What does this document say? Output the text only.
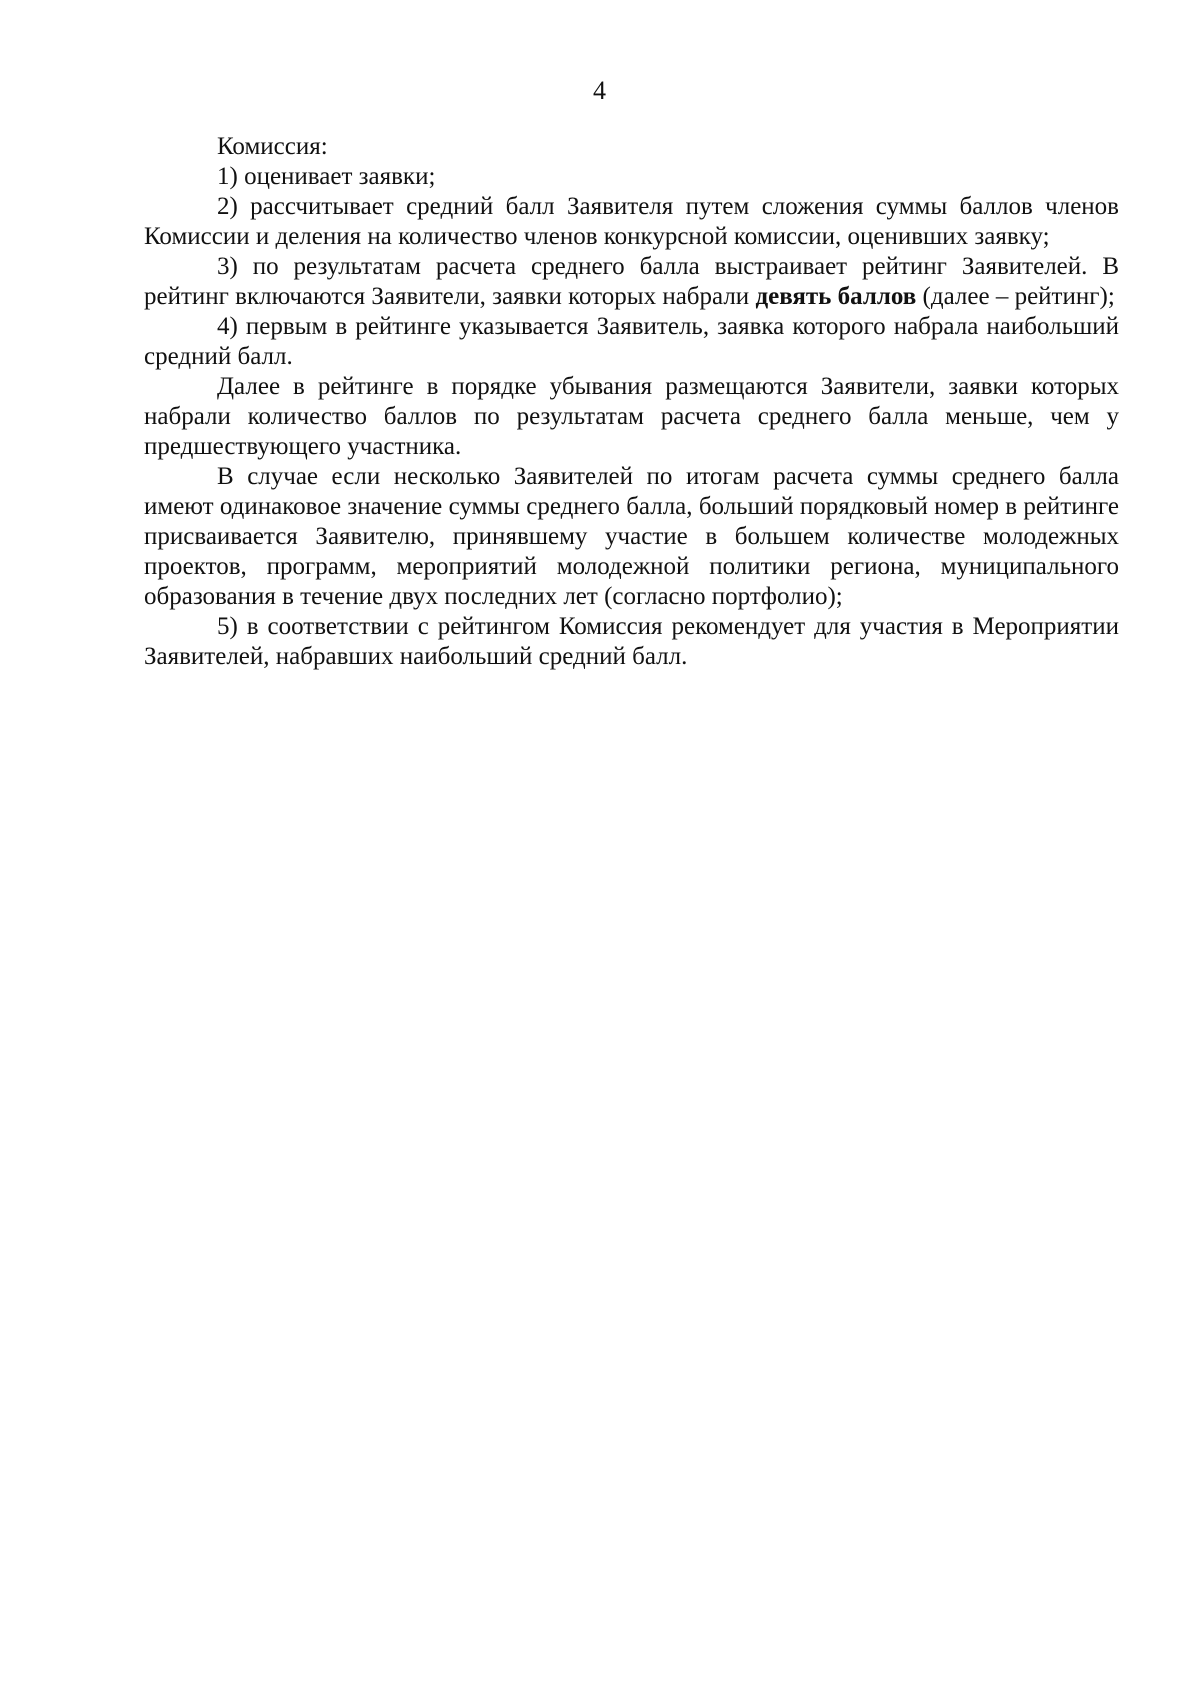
4

Комиссия:

1) оценивает заявки;

2) рассчитывает средний балл Заявителя путем сложения суммы баллов членов Комиссии и деления на количество членов конкурсной комиссии, оценивших заявку;

3) по результатам расчета среднего балла выстраивает рейтинг Заявителей. В рейтинг включаются Заявители, заявки которых набрали девять баллов (далее – рейтинг);

4) первым в рейтинге указывается Заявитель, заявка которого набрала наибольший средний балл.

Далее в рейтинге в порядке убывания размещаются Заявители, заявки которых набрали количество баллов по результатам расчета среднего балла меньше, чем у предшествующего участника.

В случае если несколько Заявителей по итогам расчета суммы среднего балла имеют одинаковое значение суммы среднего балла, больший порядковый номер в рейтинге присваивается Заявителю, принявшему участие в большем количестве молодежных проектов, программ, мероприятий молодежной политики региона, муниципального образования в течение двух последних лет (согласно портфолио);

5) в соответствии с рейтингом Комиссия рекомендует для участия в Мероприятии Заявителей, набравших наибольший средний балл.
